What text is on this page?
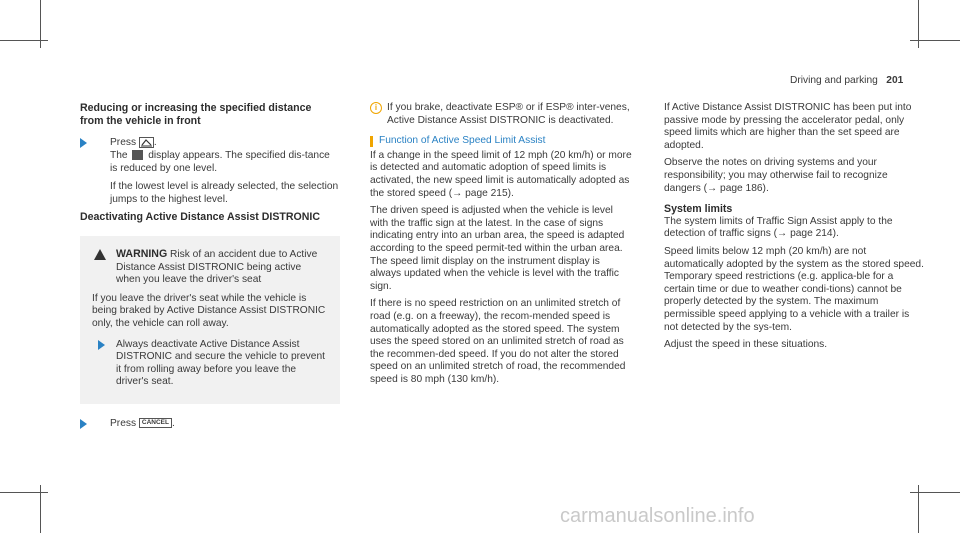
Driving and parking 201

Reducing or increasing the specified distance from the vehicle in front

Press .
The display appears. The specified dis-tance is reduced by one level.

If the lowest level is already selected, the selection jumps to the highest level.

Deactivating Active Distance Assist DISTRONIC

WARNING Risk of an accident due to Active Distance Assist DISTRONIC being active when you leave the driver's seat

If you leave the driver's seat while the vehicle is being braked by Active Distance Assist DISTRONIC only, the vehicle can roll away.

Always deactivate Active Distance Assist DISTRONIC and secure the vehicle to prevent it from rolling away before you leave the driver's seat.
Press CANCEL .
i If you brake, deactivate ESP® or if ESP® inter-venes, Active Distance Assist DISTRONIC is deactivated.

Function of Active Speed Limit Assist

If a change in the speed limit of 12 mph (20 km/h) or more is detected and automatic adoption of speed limits is activated, the new speed limit is automatically adopted as the stored speed (→ page 215).

The driven speed is adjusted when the vehicle is level with the traffic sign at the latest. In the case of signs indicating entry into an urban area, the speed is adapted according to the speed permit-ted within the urban area. The speed limit display on the instrument display is always updated when the vehicle is level with the traffic sign.

If there is no speed restriction on an unlimited stretch of road (e.g. on a freeway), the recom-mended speed is automatically adopted as the stored speed. The system uses the speed stored on an unlimited stretch of road as the recommen-ded speed. If you do not alter the stored speed on an unlimited stretch of road, the recommended speed is 80 mph (130 km/h).

If Active Distance Assist DISTRONIC has been put into passive mode by pressing the accelerator pedal, only speed limits which are higher than the set speed are adopted.

Observe the notes on driving systems and your responsibility; you may otherwise fail to recognize dangers (→ page 186).

System limits

The system limits of Traffic Sign Assist apply to the detection of traffic signs (→ page 214).

Speed limits below 12 mph (20 km/h) are not automatically adopted by the system as the stored speed. Temporary speed restrictions (e.g. applica-ble for a certain time or due to weather condi-tions) cannot be properly detected by the system. The maximum permissible speed applying to a vehicle with a trailer is not detected by the sys-tem.

Adjust the speed in these situations.

carmanualsonline.info
